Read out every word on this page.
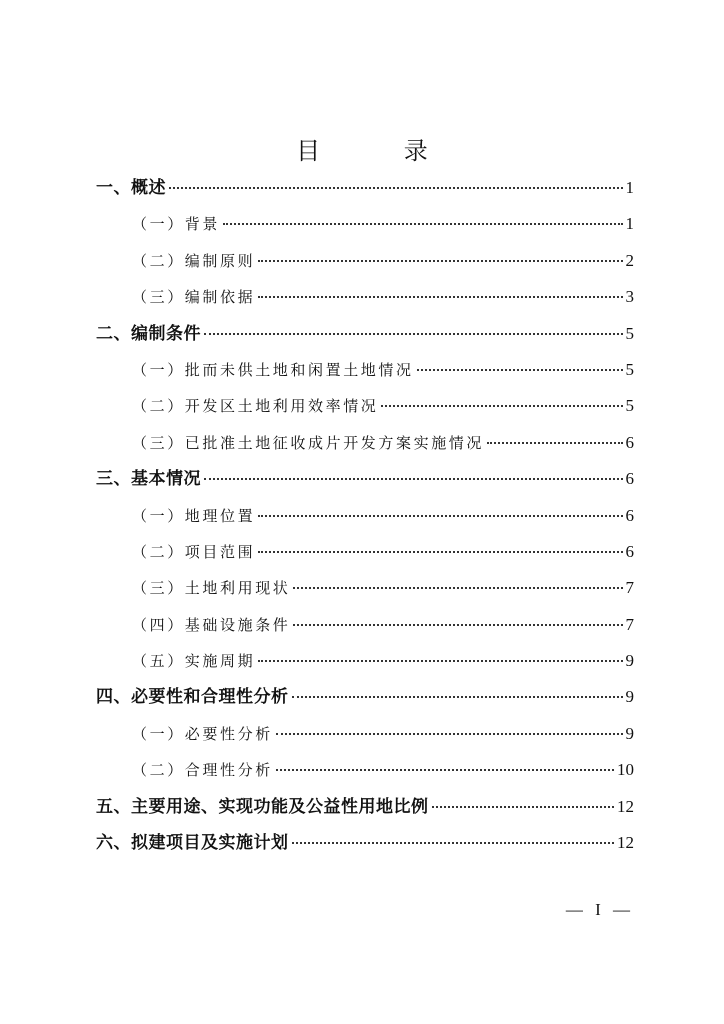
目 录
一、概述	1
（一）背景	1
（二）编制原则	2
（三）编制依据	3
二、编制条件	5
（一）批而未供土地和闲置土地情况	5
（二）开发区土地利用效率情况	5
（三）已批准土地征收成片开发方案实施情况	6
三、基本情况	6
（一）地理位置	6
（二）项目范围	6
（三）土地利用现状	7
（四）基础设施条件	7
（五）实施周期	9
四、必要性和合理性分析	9
（一）必要性分析	9
（二）合理性分析	10
五、主要用途、实现功能及公益性用地比例	12
六、拟建项目及实施计划	12
— I —
